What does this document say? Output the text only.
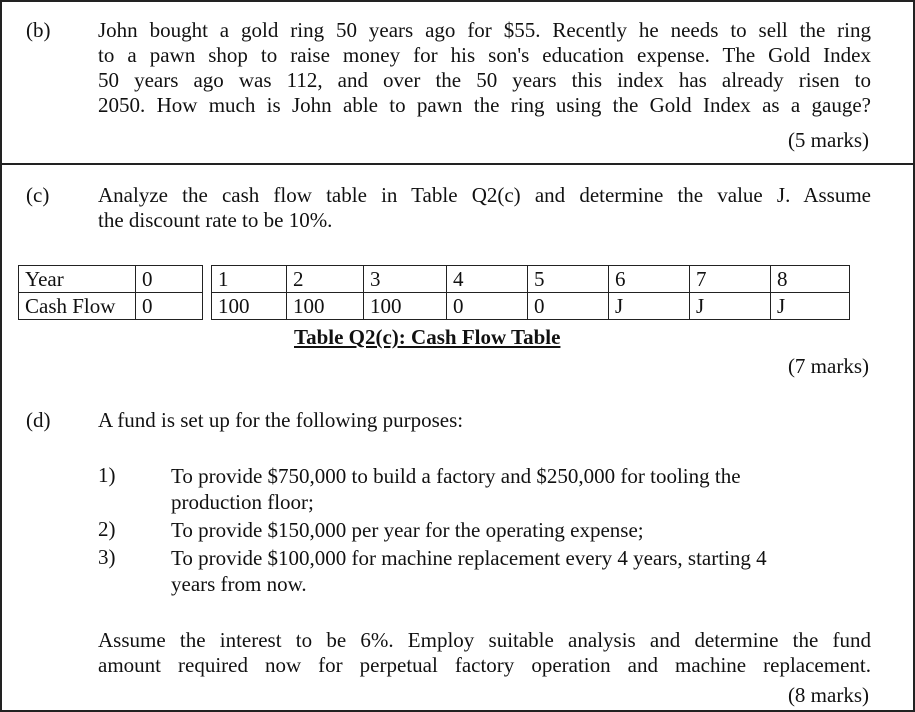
(b) John bought a gold ring 50 years ago for $55. Recently he needs to sell the ring
to a pawn shop to raise money for his son's education expense. The Gold Index
50 years ago was 112, and over the 50 years this index has already risen to
2050. How much is John able to pawn the ring using the Gold Index as a gauge?
(5 marks)
(c) Analyze the cash flow table in Table Q2(c) and determine the value J. Assume
the discount rate to be 10%.
Year	0		1	2	3	4	5	6	7	8
Cash Flow	0		100	100	100	0	0	J	J	J
Table Q2(c): Cash Flow Table
(7 marks)
(d) A fund is set up for the following purposes:
1)	To provide $750,000 to build a factory and $250,000 for tooling the
production floor;
2)	To provide $150,000 per year for the operating expense;
3)	To provide $100,000 for machine replacement every 4 years, starting 4
years from now.
Assume the interest to be 6%. Employ suitable analysis and determine the fund
amount required now for perpetual factory operation and machine replacement.
(8 marks)
